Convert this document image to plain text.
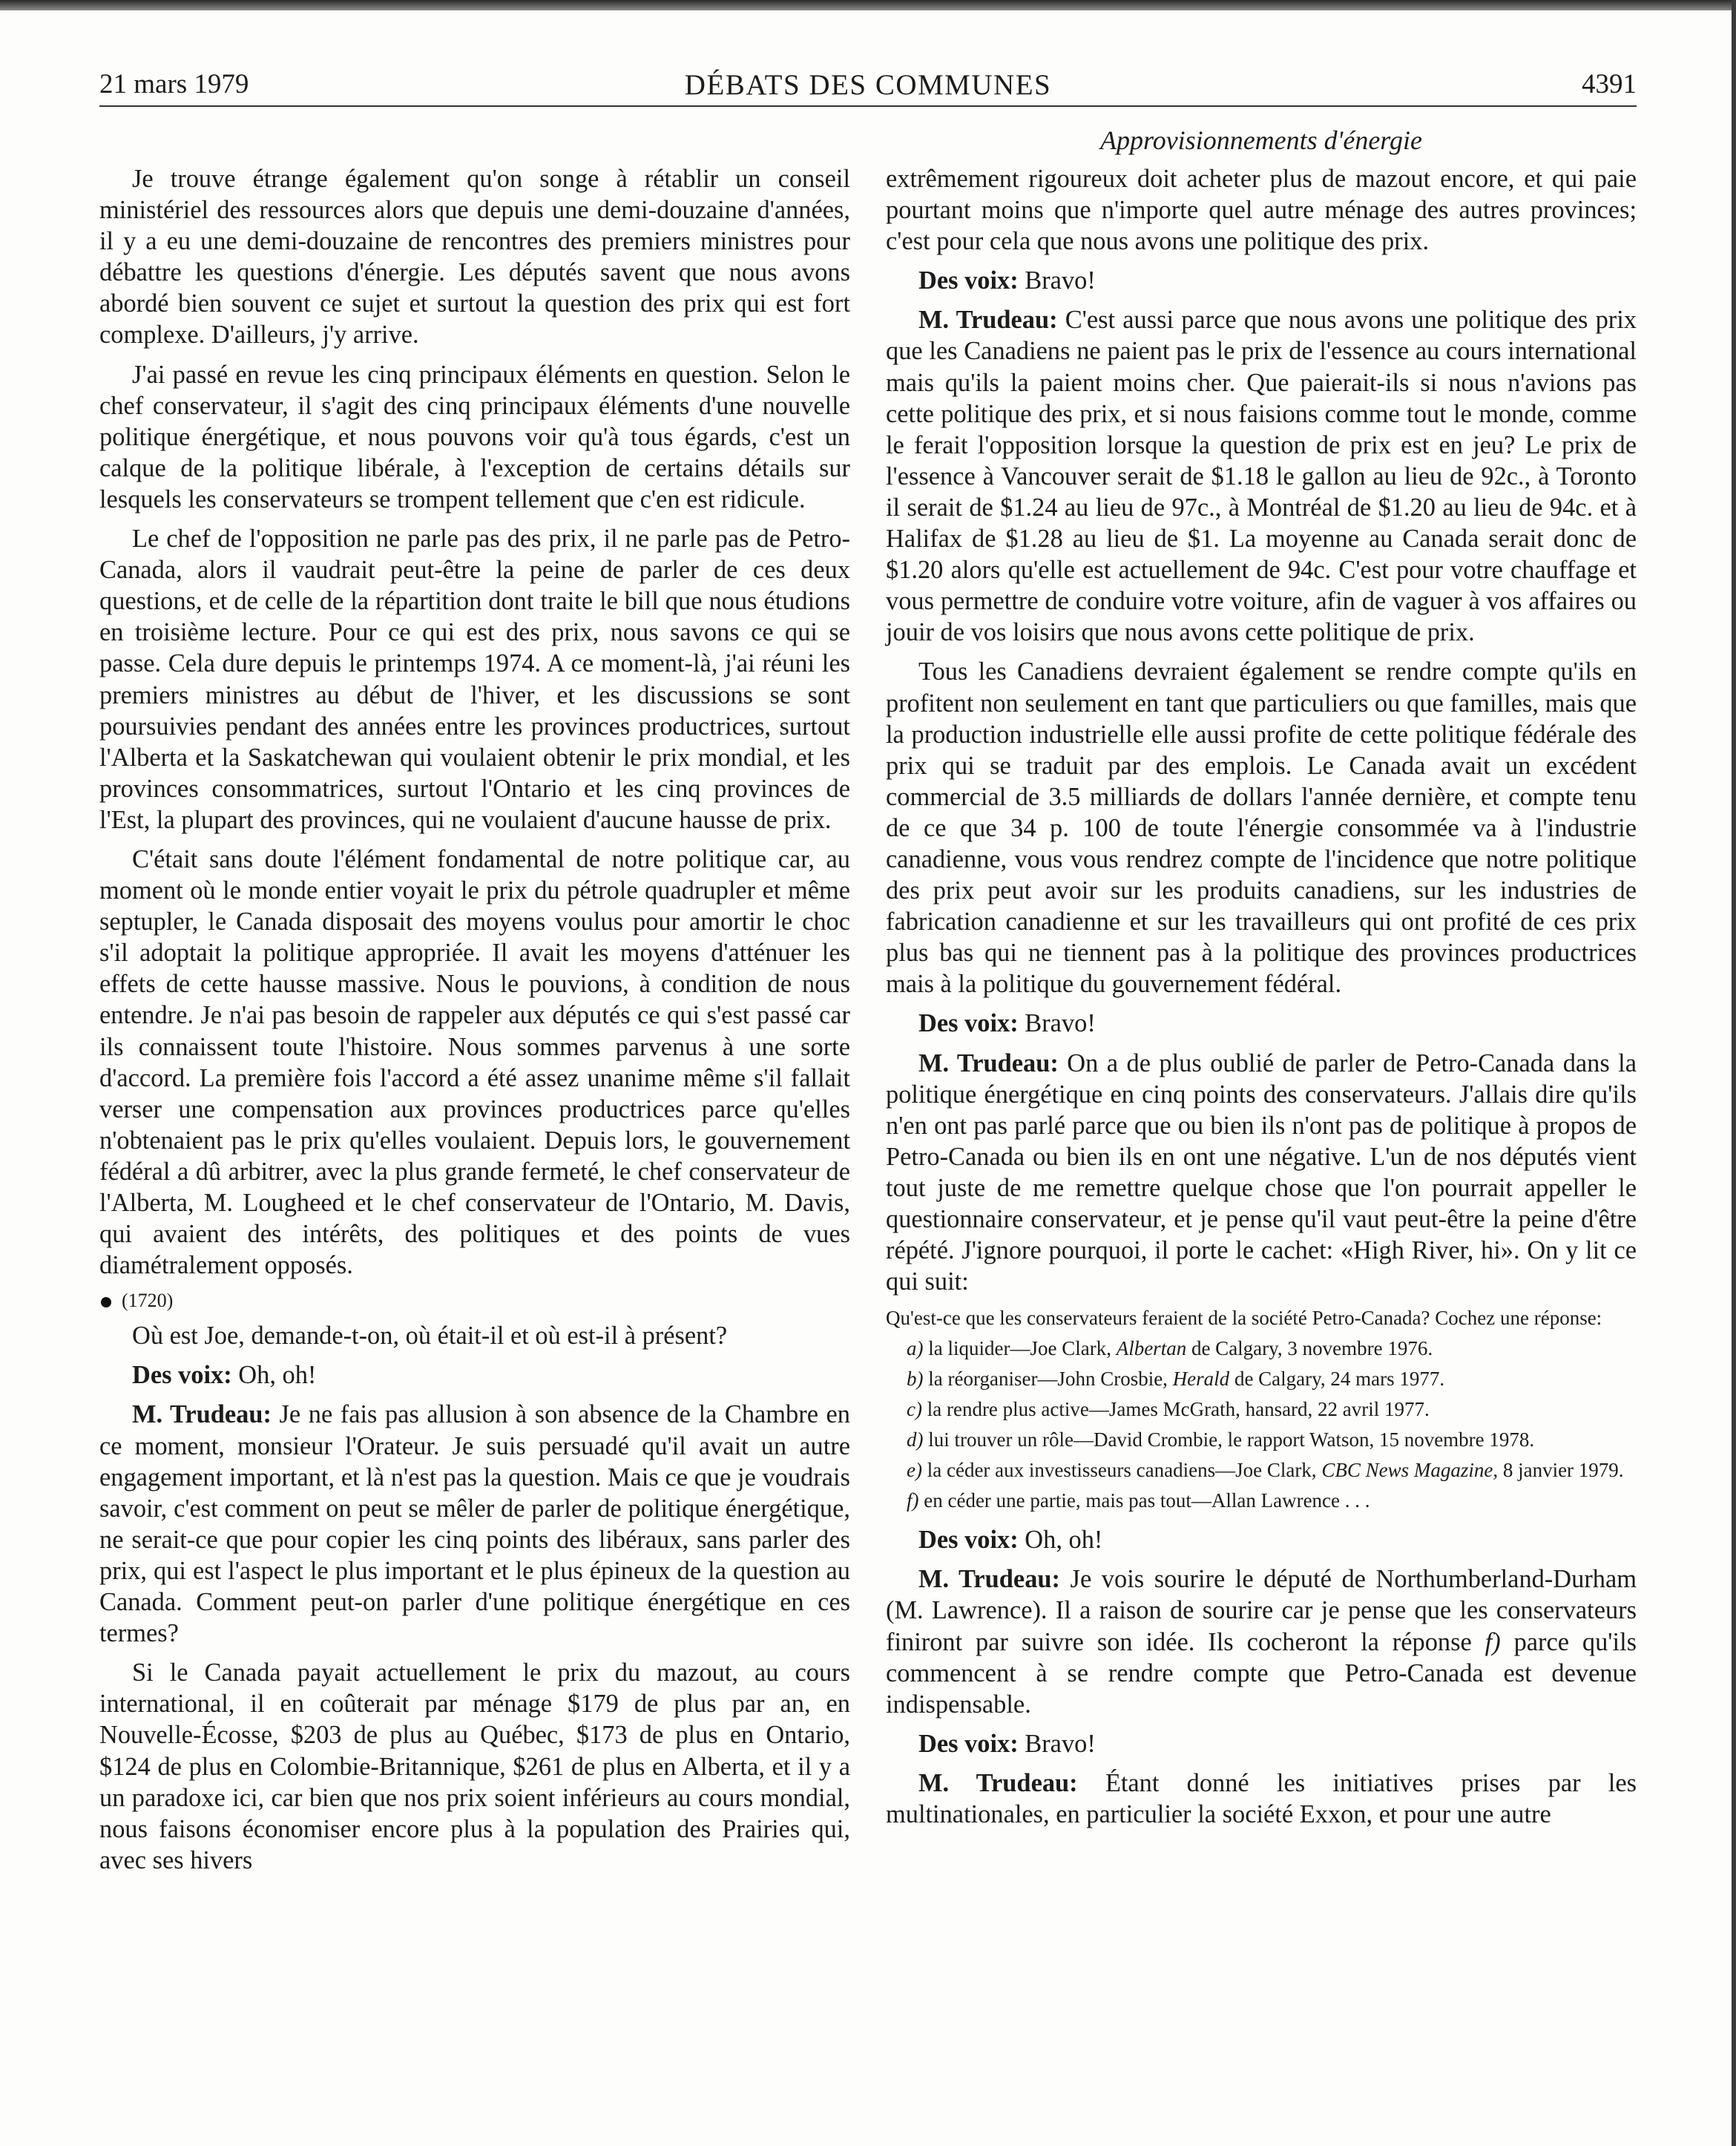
21 mars 1979	DÉBATS DES COMMUNES	4391
Approvisionnements d'énergie

Je trouve étrange également qu'on songe à rétablir un conseil ministériel des ressources alors que depuis une demi-douzaine d'années, il y a eu une demi-douzaine de rencontres des premiers ministres pour débattre les questions d'énergie. Les députés savent que nous avons abordé bien souvent ce sujet et surtout la question des prix qui est fort complexe. D'ailleurs, j'y arrive.

J'ai passé en revue les cinq principaux éléments en question. Selon le chef conservateur, il s'agit des cinq principaux éléments d'une nouvelle politique énergétique, et nous pouvons voir qu'à tous égards, c'est un calque de la politique libérale, à l'exception de certains détails sur lesquels les conservateurs se trompent tellement que c'en est ridicule.

Le chef de l'opposition ne parle pas des prix, il ne parle pas de Petro-Canada, alors il vaudrait peut-être la peine de parler de ces deux questions, et de celle de la répartition dont traite le bill que nous étudions en troisième lecture. Pour ce qui est des prix, nous savons ce qui se passe. Cela dure depuis le printemps 1974. A ce moment-là, j'ai réuni les premiers ministres au début de l'hiver, et les discussions se sont poursuivies pendant des années entre les provinces productrices, surtout l'Alberta et la Saskatchewan qui voulaient obtenir le prix mondial, et les provinces consommatrices, surtout l'Ontario et les cinq provinces de l'Est, la plupart des provinces, qui ne voulaient d'aucune hausse de prix.

C'était sans doute l'élément fondamental de notre politique car, au moment où le monde entier voyait le prix du pétrole quadrupler et même septupler, le Canada disposait des moyens voulus pour amortir le choc s'il adoptait la politique appropriée. Il avait les moyens d'atténuer les effets de cette hausse massive. Nous le pouvions, à condition de nous entendre. Je n'ai pas besoin de rappeler aux députés ce qui s'est passé car ils connaissent toute l'histoire. Nous sommes parvenus à une sorte d'accord. La première fois l'accord a été assez unanime même s'il fallait verser une compensation aux provinces productrices parce qu'elles n'obtenaient pas le prix qu'elles voulaient. Depuis lors, le gouvernement fédéral a dû arbitrer, avec la plus grande fermeté, le chef conservateur de l'Alberta, M. Lougheed et le chef conservateur de l'Ontario, M. Davis, qui avaient des intérêts, des politiques et des points de vues diamétralement opposés.

(1720)

Où est Joe, demande-t-on, où était-il et où est-il à présent?

Des voix: Oh, oh!

M. Trudeau: Je ne fais pas allusion à son absence de la Chambre en ce moment, monsieur l'Orateur. Je suis persuadé qu'il avait un autre engagement important, et là n'est pas la question. Mais ce que je voudrais savoir, c'est comment on peut se mêler de parler de politique énergétique, ne serait-ce que pour copier les cinq points des libéraux, sans parler des prix, qui est l'aspect le plus important et le plus épineux de la question au Canada. Comment peut-on parler d'une politique énergétique en ces termes?

Si le Canada payait actuellement le prix du mazout, au cours international, il en coûterait par ménage $179 de plus par an, en Nouvelle-Écosse, $203 de plus au Québec, $173 de plus en Ontario, $124 de plus en Colombie-Britannique, $261 de plus en Alberta, et il y a un paradoxe ici, car bien que nos prix soient inférieurs au cours mondial, nous faisons économiser encore plus à la population des Prairies qui, avec ses hivers

extrêmement rigoureux doit acheter plus de mazout encore, et qui paie pourtant moins que n'importe quel autre ménage des autres provinces; c'est pour cela que nous avons une politique des prix.

Des voix: Bravo!

M. Trudeau: C'est aussi parce que nous avons une politique des prix que les Canadiens ne paient pas le prix de l'essence au cours international mais qu'ils la paient moins cher. Que paierait-ils si nous n'avions pas cette politique des prix, et si nous faisions comme tout le monde, comme le ferait l'opposition lorsque la question de prix est en jeu? Le prix de l'essence à Vancouver serait de $1.18 le gallon au lieu de 92c., à Toronto il serait de $1.24 au lieu de 97c., à Montréal de $1.20 au lieu de 94c. et à Halifax de $1.28 au lieu de $1. La moyenne au Canada serait donc de $1.20 alors qu'elle est actuellement de 94c. C'est pour votre chauffage et vous permettre de conduire votre voiture, afin de vaguer à vos affaires ou jouir de vos loisirs que nous avons cette politique de prix.

Tous les Canadiens devraient également se rendre compte qu'ils en profitent non seulement en tant que particuliers ou que familles, mais que la production industrielle elle aussi profite de cette politique fédérale des prix qui se traduit par des emplois. Le Canada avait un excédent commercial de 3.5 milliards de dollars l'année dernière, et compte tenu de ce que 34 p. 100 de toute l'énergie consommée va à l'industrie canadienne, vous vous rendrez compte de l'incidence que notre politique des prix peut avoir sur les produits canadiens, sur les industries de fabrication canadienne et sur les travailleurs qui ont profité de ces prix plus bas qui ne tiennent pas à la politique des provinces productrices mais à la politique du gouvernement fédéral.

Des voix: Bravo!

M. Trudeau: On a de plus oublié de parler de Petro-Canada dans la politique énergétique en cinq points des conservateurs. J'allais dire qu'ils n'en ont pas parlé parce que ou bien ils n'ont pas de politique à propos de Petro-Canada ou bien ils en ont une négative. L'un de nos députés vient tout juste de me remettre quelque chose que l'on pourrait appeller le questionnaire conservateur, et je pense qu'il vaut peut-être la peine d'être répété. J'ignore pourquoi, il porte le cachet: «High River, hi». On y lit ce qui suit:

Qu'est-ce que les conservateurs feraient de la société Petro-Canada? Cochez une réponse:

a) la liquider—Joe Clark, Albertan de Calgary, 3 novembre 1976.

b) la réorganiser—John Crosbie, Herald de Calgary, 24 mars 1977.

c) la rendre plus active—James McGrath, hansard, 22 avril 1977.

d) lui trouver un rôle—David Crombie, le rapport Watson, 15 novembre 1978.

e) la céder aux investisseurs canadiens—Joe Clark, CBC News Magazine, 8 janvier 1979.

f) en céder une partie, mais pas tout—Allan Lawrence . . .

Des voix: Oh, oh!

M. Trudeau: Je vois sourire le député de Northumberland-Durham (M. Lawrence). Il a raison de sourire car je pense que les conservateurs finiront par suivre son idée. Ils cocheront la réponse f) parce qu'ils commencent à se rendre compte que Petro-Canada est devenue indispensable.

Des voix: Bravo!

M. Trudeau: Étant donné les initiatives prises par les multinationales, en particulier la société Exxon, et pour une autre
